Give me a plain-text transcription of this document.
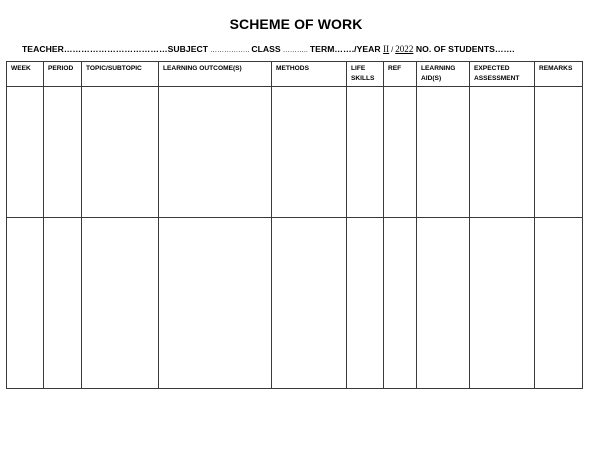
SCHEME OF WORK
TEACHER………………………………SUBJECT …………….. CLASS ……….. TERM……./YEAR II / 2022 NO. OF STUDENTS…….
WEEK	PERIOD	TOPIC/SUBTOPIC	LEARNING OUTCOME(S)	METHODS	LIFE SKILLS	REF	LEARNING AID(S)	EXPECTED ASSESSMENT	REMARKS
